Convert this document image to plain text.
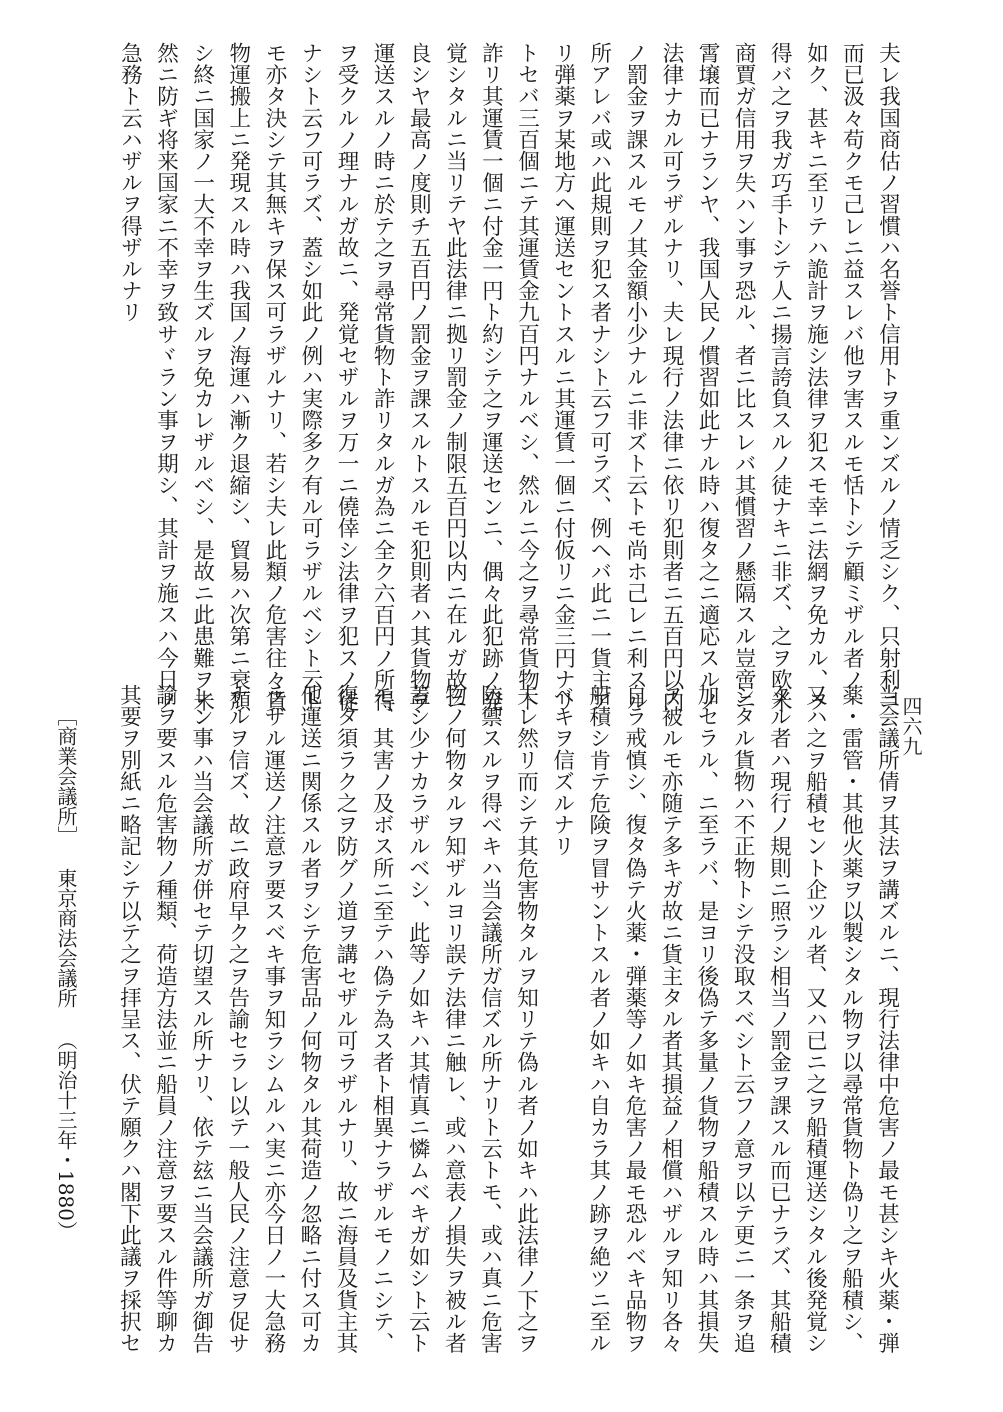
夫レ我国商估ノ習慣ハ名誉ト信用トヲ重ンズルノ情乏シク、只射利ニ
而已汲々苟クモ己レニ益スレバ他ヲ害スルモ恬トシテ顧ミザル者ノ
如ク、甚キニ至リテハ詭計ヲ施シ法律ヲ犯スモ幸ニ法網ヲ免カル、ヲ
得バ之ヲ我ガ巧手トシテ人ニ揚言誇負スルノ徒ナキニ非ズ、之ヲ欧米
商賈ガ信用ヲ失ハン事ヲ恐ル、者ニ比スレバ其慣習ノ懸隔スル豈啻ニ
霄壌而已ナランヤ、我国人民ノ慣習如此ナル時ハ復タ之ニ適応スルノ
法律ナカル可ラザルナリ、夫レ現行ノ法律ニ依リ犯則者ニ五百円以内
ノ罰金ヲ課スルモノ其金額小少ナルニ非ズト云トモ尚ホ己レニ利スル
所アレバ或ハ此規則ヲ犯ス者ナシト云フ可ラズ、例ヘバ此ニ一貨主ア
リ弾薬ヲ某地方ヘ運送セントスルニ其運賃一個ニ付仮リニ金三円ナリ
トセバ三百個ニテ其運賃金九百円ナルベシ、然ルニ今之ヲ尋常貨物ト
詐リ其運賃一個ニ付金一円ト約シテ之ヲ運送センニ、偶々此犯跡ノ発
覚シタルニ当リテヤ此法律ニ拠リ罰金ノ制限五百円以内ニ在ルガ故ニ
良シヤ最高ノ度則チ五百円ノ罰金ヲ課スルトスルモ犯則者ハ其貨物ヲ
運送スルノ時ニ於テ之ヲ尋常貨物ト詐リタルガ為ニ全ク六百円ノ所得
ヲ受クルノ理ナルガ故ニ、発覚セザルヲ万一ニ僥倖シ法律ヲ犯スノ徒
ナシト云フ可ラズ、蓋シ如此ノ例ハ実際多ク有ル可ラザルベシト云ト
モ亦タ決シテ其無キヲ保ス可ラザルナリ、若シ夫レ此類ノ危害往々貨
物運搬上ニ発現スル時ハ我国ノ海運ハ漸ク退縮シ、貿易ハ次第ニ衰頽
シ終ニ国家ノ一大不幸ヲ生ズルヲ免カレザルベシ、是故ニ此患難ヲ未
然ニ防ギ将来国家ニ不幸ヲ致サヾラン事ヲ期シ、其計ヲ施スハ今日ノ
急務ト云ハザルヲ得ザルナリ
当会議所倩ヲ其法ヲ講ズルニ、現行法律中危害ノ最モ甚シキ火薬・弾
薬・雷管・其他火薬ヲ以製シタル物ヲ以尋常貨物ト偽リ之ヲ船積シ、
又ハ之ヲ船積セント企ツル者、又ハ已ニ之ヲ船積運送シタル後発覚シ
タル者ハ現行ノ規則ニ照ラシ相当ノ罰金ヲ課スル而已ナラズ、其船積
シタル貨物ハ不正物トシテ没取スベシト云フノ意ヲ以テ更ニ一条ヲ追
加セラル、ニ至ラバ、是ヨリ後偽テ多量ノ貨物ヲ船積スル時ハ其損失
ヲ被ルモ亦随テ多キガ故ニ貨主タル者其損益ノ相償ハザルヲ知リ各々
自ラ戒慎シ、復タ偽テ火薬・弾薬等ノ如キ危害ノ最モ恐ルベキ品物ヲ
船積シ肯テ危険ヲ冒サントスル者ノ如キハ自カラ其ノ跡ヲ絶ツニ至ル
ベキヲ信ズルナリ
夫レ然リ而シテ其危害物タルヲ知リテ偽ル者ノ如キハ此法律ノ下之ヲ
防禦スルヲ得ベキハ当会議所ガ信ズル所ナリト云トモ、或ハ真ニ危害
物ノ何物タルヲ知ザルヨリ誤テ法律ニ触レ、或ハ意表ノ損失ヲ被ル者
蓋シ少ナカラザルベシ、此等ノ如キハ其情真ニ憐ムベキガ如シト云ト
モ、其害ノ及ボス所ニ至テハ偽テ為ス者ト相異ナラザルモノニシテ、
復タ須ラク之ヲ防グノ道ヲ講セザル可ラザルナリ、故ニ海員及貨主其
他運送ニ関係スル者ヲシテ危害品ノ何物タル其荷造ノ忽略ニ付ス可カ
ラザル運送ノ注意ヲ要スベキ事ヲ知ラシムルハ実ニ亦今日ノ一大急務
ナルヲ信ズ、故ニ政府早ク之ヲ告諭セラレ以テ一般人民ノ注意ヲ促サ
レン事ハ当会議所ガ併セテ切望スル所ナリ、依テ玆ニ当会議所ガ御告
諭ヲ要スル危害物ノ種類、荷造方法並ニ船員ノ注意ヲ要スル件等聊カ
其要ヲ別紙ニ略記シテ以テ之ヲ拝呈ス、伏テ願クハ閣下此議ヲ採択セ	四六九
［商業会議所］東京商法会議所（明治十三年・1880）
